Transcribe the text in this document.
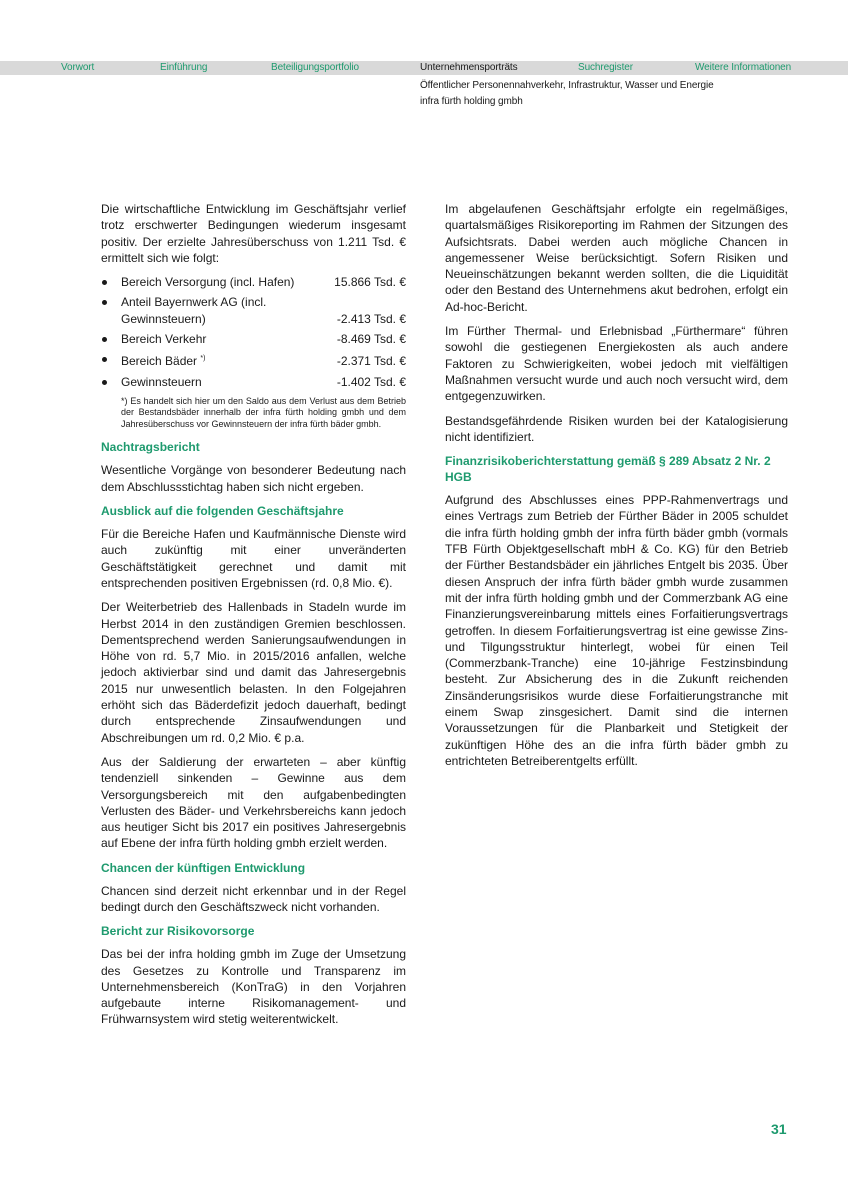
Vorwort	Einführung	Beteiligungsportfolio	Unternehmensporträts	Suchregister	Weitere Informationen
Öffentlicher Personennahverkehr, Infrastruktur, Wasser und Energie
infra fürth holding gmbh

Die wirtschaftliche Entwicklung im Geschäftsjahr verlief trotz erschwerter Bedingungen wiederum insgesamt positiv. Der erzielte Jahresüberschuss von 1.211 Tsd. € ermittelt sich wie folgt:

Bereich Versorgung (incl. Hafen)	15.866 Tsd. €
Anteil Bayernwerk AG (incl. Gewinnsteuern)	-2.413 Tsd. €
Bereich Verkehr	-8.469 Tsd. €
Bereich Bäder *)	-2.371 Tsd. €
Gewinnsteuern	-1.402 Tsd. €
*) Es handelt sich hier um den Saldo aus dem Verlust aus dem Betrieb der Bestandsbäder innerhalb der infra fürth holding gmbh und dem Jahresüberschuss vor Gewinnsteuern der infra fürth bäder gmbh.
Nachtragsbericht

Wesentliche Vorgänge von besonderer Bedeutung nach dem Abschlussstichtag haben sich nicht ergeben.

Ausblick auf die folgenden Geschäftsjahre

Für die Bereiche Hafen und Kaufmännische Dienste wird auch zukünftig mit einer unveränderten Geschäftstätigkeit gerechnet und damit mit entsprechenden positiven Ergebnissen (rd. 0,8 Mio. €).

Der Weiterbetrieb des Hallenbads in Stadeln wurde im Herbst 2014 in den zuständigen Gremien beschlossen. Dementsprechend werden Sanierungsaufwendungen in Höhe von rd. 5,7 Mio. in 2015/2016 anfallen, welche jedoch aktivierbar sind und damit das Jahresergebnis 2015 nur unwesentlich belasten. In den Folgejahren erhöht sich das Bäderdefizit jedoch dauerhaft, bedingt durch entsprechende Zinsaufwendungen und Abschreibungen um rd. 0,2 Mio. € p.a.

Aus der Saldierung der erwarteten – aber künftig tendenziell sinkenden – Gewinne aus dem Versorgungsbereich mit den aufgabenbedingten Verlusten des Bäder- und Verkehrsbereichs kann jedoch aus heutiger Sicht bis 2017 ein positives Jahresergebnis auf Ebene der infra fürth holding gmbh erzielt werden.

Chancen der künftigen Entwicklung

Chancen sind derzeit nicht erkennbar und in der Regel bedingt durch den Geschäftszweck nicht vorhanden.

Bericht zur Risikovorsorge

Das bei der infra holding gmbh im Zuge der Umsetzung des Gesetzes zu Kontrolle und Transparenz im Unternehmensbereich (KonTraG) in den Vorjahren aufgebaute interne Risikomanagement- und Frühwarnsystem wird stetig weiterentwickelt.

Im abgelaufenen Geschäftsjahr erfolgte ein regelmäßiges, quartalsmäßiges Risikoreporting im Rahmen der Sitzungen des Aufsichtsrats. Dabei werden auch mögliche Chancen in angemessener Weise berücksichtigt. Sofern Risiken und Neueinschätzungen bekannt werden sollten, die die Liquidität oder den Bestand des Unternehmens akut bedrohen, erfolgt ein Ad-hoc-Bericht.

Im Fürther Thermal- und Erlebnisbad „Fürthermare“ führen sowohl die gestiegenen Energiekosten als auch andere Faktoren zu Schwierigkeiten, wobei jedoch mit vielfältigen Maßnahmen versucht wurde und auch noch versucht wird, dem entgegenzuwirken.

Bestandsgefährdende Risiken wurden bei der Katalogisierung nicht identifiziert.

Finanzrisikoberichterstattung gemäß § 289 Absatz 2 Nr. 2 HGB

Aufgrund des Abschlusses eines PPP-Rahmenvertrags und eines Vertrags zum Betrieb der Fürther Bäder in 2005 schuldet die infra fürth holding gmbh der infra fürth bäder gmbh (vormals TFB Fürth Objektgesellschaft mbH & Co. KG) für den Betrieb der Fürther Bestandsbäder ein jährliches Entgelt bis 2035. Über diesen Anspruch der infra fürth bäder gmbh wurde zusammen mit der infra fürth holding gmbh und der Commerzbank AG eine Finanzierungsvereinbarung mittels eines Forfaitierungsvertrags getroffen. In diesem Forfaitierungsvertrag ist eine gewisse Zins- und Tilgungsstruktur hinterlegt, wobei für einen Teil (Commerzbank-Tranche) eine 10-jährige Festzinsbindung besteht. Zur Absicherung des in die Zukunft reichenden Zinsänderungsrisikos wurde diese Forfaitierungstranche mit einem Swap zinsgesichert. Damit sind die internen Voraussetzungen für die Planbarkeit und Stetigkeit der zukünftigen Höhe des an die infra fürth bäder gmbh zu entrichteten Betreiberentgelts erfüllt.

31
